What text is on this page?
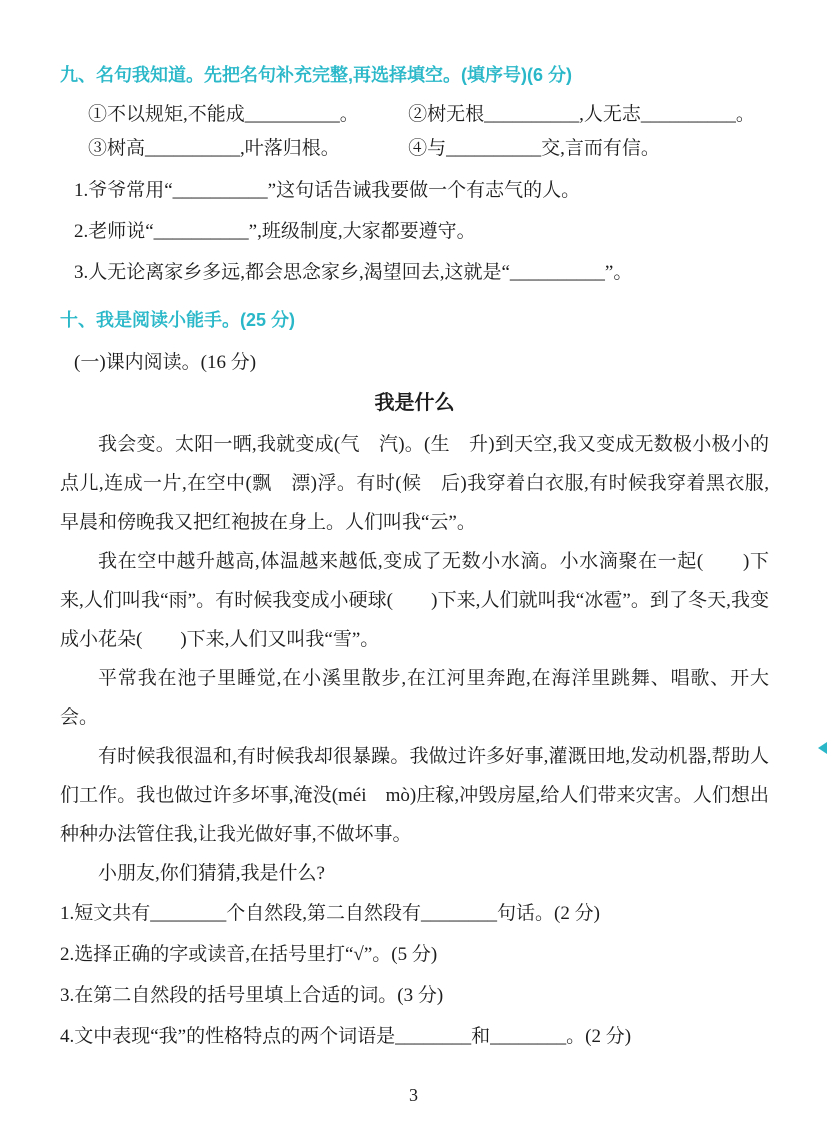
九、名句我知道。先把名句补充完整,再选择填空。(填序号)(6 分)
①不以规矩,不能成__________。	②树无根__________,人无志__________。
③树高__________,叶落归根。	④与__________交,言而有信。
1.爷爷常用“__________”这句话告诫我要做一个有志气的人。
2.老师说“__________”,班级制度,大家都要遵守。
3.人无论离家乡多远,都会思念家乡,渴望回去,这就是“__________”。
十、我是阅读小能手。(25 分)
(一)课内阅读。(16 分)
我是什么

我会变。太阳一晒,我就变成(气　汽)。(生　升)到天空,我又变成无数极小极小的点儿,连成一片,在空中(飘　漂)浮。有时(候　后)我穿着白衣服,有时候我穿着黑衣服,早晨和傍晚我又把红袍披在身上。人们叫我“云”。

我在空中越升越高,体温越来越低,变成了无数小水滴。小水滴聚在一起(　　)下来,人们叫我“雨”。有时候我变成小硬球(　　)下来,人们就叫我“冰雹”。到了冬天,我变成小花朵(　　)下来,人们又叫我“雪”。

平常我在池子里睡觉,在小溪里散步,在江河里奔跑,在海洋里跳舞、唱歌、开大会。

有时候我很温和,有时候我却很暴躁。我做过许多好事,灌溉田地,发动机器,帮助人们工作。我也做过许多坏事,淹没(méi　mò)庄稼,冲毁房屋,给人们带来灾害。人们想出种种办法管住我,让我光做好事,不做坏事。

小朋友,你们猜猜,我是什么?

1.短文共有________个自然段,第二自然段有________句话。(2 分)
2.选择正确的字或读音,在括号里打“√”。(5 分)
3.在第二自然段的括号里填上合适的词。(3 分)
4.文中表现“我”的性格特点的两个词语是________和________。(2 分)
3
